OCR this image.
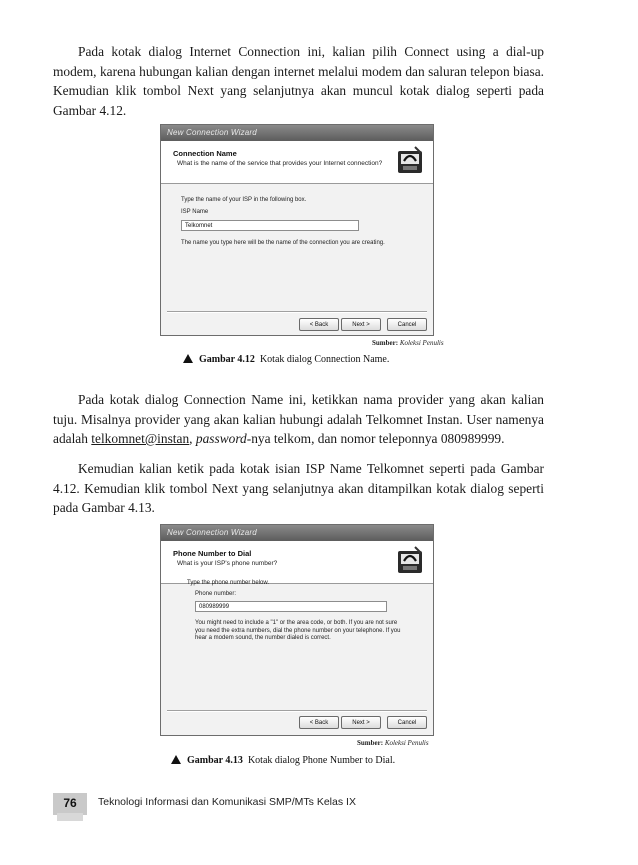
Pada kotak dialog Internet Connection ini, kalian pilih Connect using a dial-up modem, karena hubungan kalian dengan internet melalui modem dan saluran telepon biasa. Kemudian klik tombol Next yang selanjutnya akan muncul kotak dialog seperti pada Gambar 4.12.

New Connection Wizard
Connection Name
What is the name of the service that provides your Internet connection?
Type the name of your ISP in the following box.
ISP Name
Telkomnet
The name you type here will be the name of the connection you are creating.
< Back	Next >	Cancel
Sumber: Koleksi Penulis
Gambar 4.12 Kotak dialog Connection Name.

Pada kotak dialog Connection Name ini, ketikkan nama provider yang akan kalian tuju. Misalnya provider yang akan kalian hubungi adalah Telkomnet Instan. User namenya adalah telkomnet@instan, password-nya telkom, dan nomor teleponnya 080989999.

Kemudian kalian ketik pada kotak isian ISP Name Telkomnet seperti pada Gambar 4.12. Kemudian klik tombol Next yang selanjutnya akan ditampilkan kotak dialog seperti pada Gambar 4.13.

New Connection Wizard
Phone Number to Dial
What is your ISP's phone number?
Type the phone number below.
Phone number:
080989999
You might need to include a "1" or the area code, or both. If you are not sure you need the extra numbers, dial the phone number on your telephone. If you hear a modem sound, the number dialed is correct.
< Back	Next >	Cancel
Sumber: Koleksi Penulis
Gambar 4.13 Kotak dialog Phone Number to Dial.
76	Teknologi Informasi dan Komunikasi SMP/MTs Kelas IX
